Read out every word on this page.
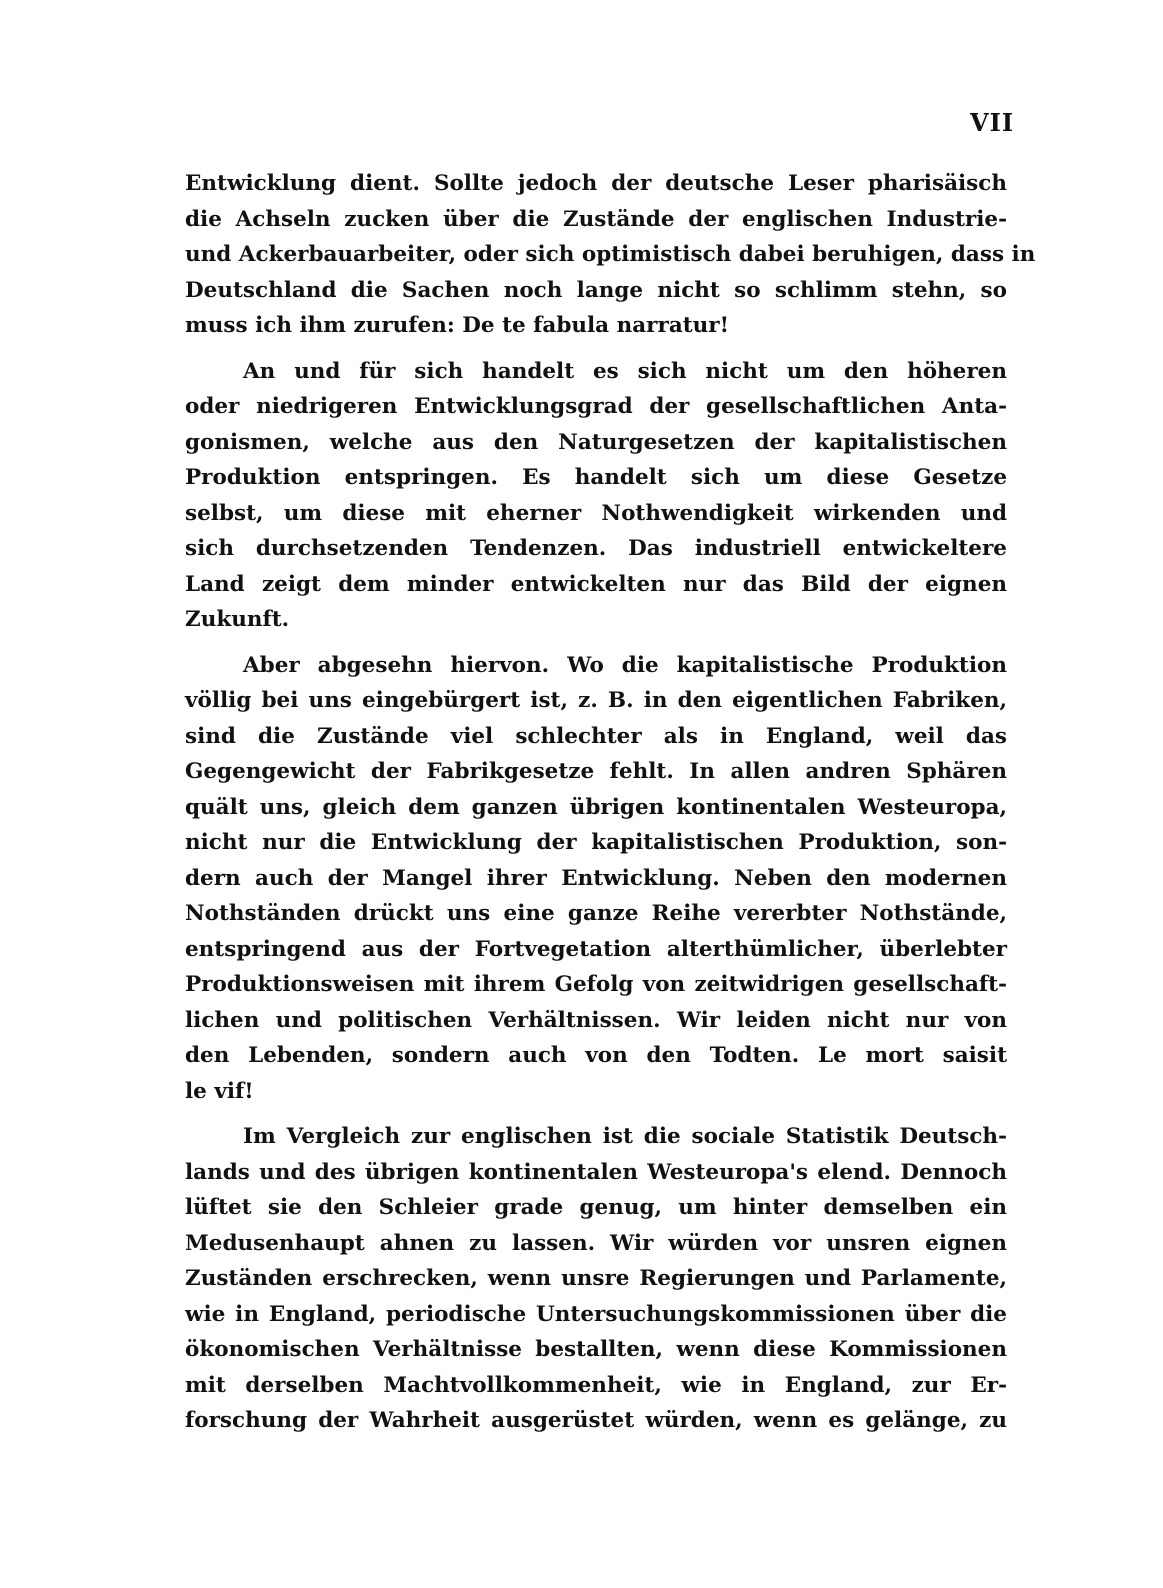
VII
Entwicklung dient. Sollte jedoch der deutsche Leser pharisäisch
die Achseln zucken über die Zustände der englischen Industrie-
und Ackerbauarbeiter, oder sich optimistisch dabei beruhigen, dass in
Deutschland die Sachen noch lange nicht so schlimm stehn, so
muss ich ihm zurufen: De te fabula narratur!
An und für sich handelt es sich nicht um den höheren
oder niedrigeren Entwicklungsgrad der gesellschaftlichen Anta-
gonismen, welche aus den Naturgesetzen der kapitalistischen
Produktion entspringen. Es handelt sich um diese Gesetze
selbst, um diese mit eherner Nothwendigkeit wirkenden und
sich durchsetzenden Tendenzen. Das industriell entwickeltere
Land zeigt dem minder entwickelten nur das Bild der eignen
Zukunft.
Aber abgesehn hiervon. Wo die kapitalistische Produktion
völlig bei uns eingebürgert ist, z. B. in den eigentlichen Fabriken,
sind die Zustände viel schlechter als in England, weil das
Gegengewicht der Fabrikgesetze fehlt. In allen andren Sphären
quält uns, gleich dem ganzen übrigen kontinentalen Westeuropa,
nicht nur die Entwicklung der kapitalistischen Produktion, son-
dern auch der Mangel ihrer Entwicklung. Neben den modernen
Nothständen drückt uns eine ganze Reihe vererbter Nothstände,
entspringend aus der Fortvegetation alterthümlicher, überlebter
Produktionsweisen mit ihrem Gefolg von zeitwidrigen gesellschaft-
lichen und politischen Verhältnissen. Wir leiden nicht nur von
den Lebenden, sondern auch von den Todten. Le mort saisit
le vif!
Im Vergleich zur englischen ist die sociale Statistik Deutsch-
lands und des übrigen kontinentalen Westeuropa's elend. Dennoch
lüftet sie den Schleier grade genug, um hinter demselben ein
Medusenhaupt ahnen zu lassen. Wir würden vor unsren eignen
Zuständen erschrecken, wenn unsre Regierungen und Parlamente,
wie in England, periodische Untersuchungskommissionen über die
ökonomischen Verhältnisse bestallten, wenn diese Kommissionen
mit derselben Machtvollkommenheit, wie in England, zur Er-
forschung der Wahrheit ausgerüstet würden, wenn es gelänge, zu
